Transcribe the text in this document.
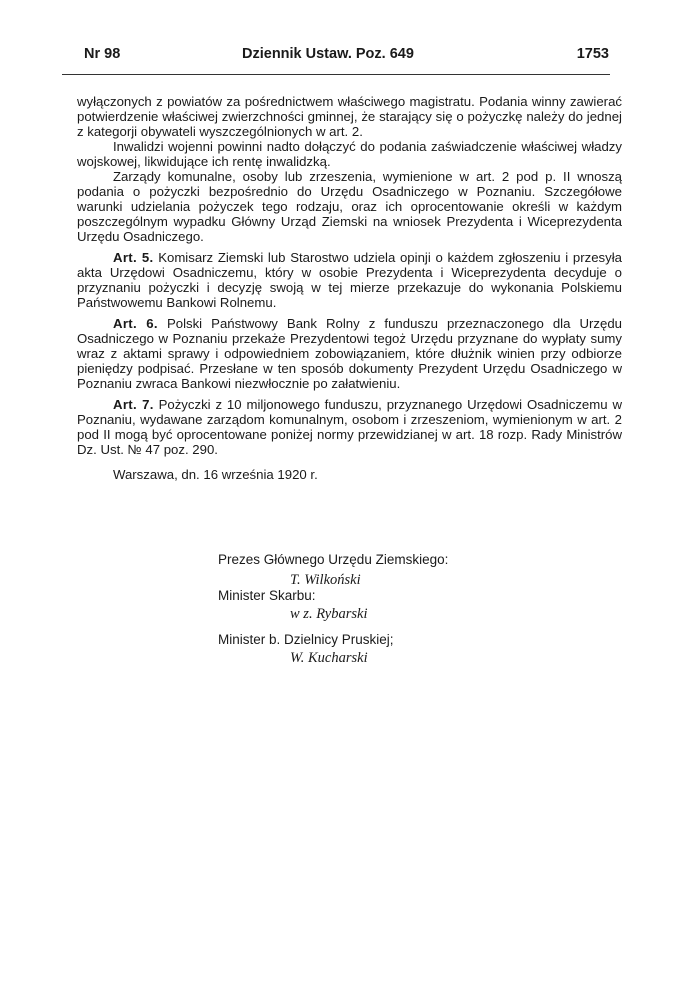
Nr 98	Dziennik Ustaw. Poz. 649	1753

wyłączonych z powiatów za pośrednictwem właściwego magistratu. Podania winny zawierać potwierdzenie właściwej zwierzchności gminnej, że starający się o pożyczkę należy do jednej z kategorji obywateli wyszczególnionych w art. 2.

Inwalidzi wojenni powinni nadto dołączyć do podania zaświadczenie właściwej władzy wojskowej, likwidujące ich rentę inwalidzką.

Zarządy komunalne, osoby lub zrzeszenia, wymienione w art. 2 pod p. II wnoszą podania o pożyczki bezpośrednio do Urzędu Osadniczego w Poznaniu. Szczegółowe warunki udzielania pożyczek tego rodzaju, oraz ich oprocentowanie określi w każdym poszczególnym wypadku Główny Urząd Ziemski na wniosek Prezydenta i Wiceprezydenta Urzędu Osadniczego.

Art. 5. Komisarz Ziemski lub Starostwo udziela opinji o każdem zgłoszeniu i przesyła akta Urzędowi Osadniczemu, który w osobie Prezydenta i Wiceprezydenta decyduje o przyznaniu pożyczki i decyzję swoją w tej mierze przekazuje do wykonania Polskiemu Państwowemu Bankowi Rolnemu.

Art. 6. Polski Państwowy Bank Rolny z funduszu przeznaczonego dla Urzędu Osadniczego w Poznaniu przekaże Prezydentowi tegoż Urzędu przyznane do wypłaty sumy wraz z aktami sprawy i odpowiedniem zobowiązaniem, które dłużnik winien przy odbiorze pieniędzy podpisać. Przesłane w ten sposób dokumenty Prezydent Urzędu Osadniczego w Poznaniu zwraca Bankowi niezwłocznie po załatwieniu.

Art. 7. Pożyczki z 10 miljonowego funduszu, przyznanego Urzędowi Osadniczemu w Poznaniu, wydawane zarządom komunalnym, osobom i zrzeszeniom, wymienionym w art. 2 pod II mogą być oprocentowane poniżej normy przewidzianej w art. 18 rozp. Rady Ministrów Dz. Ust. № 47 poz. 290.

Warszawa, dn. 16 września 1920 r.

Prezes Głównego Urzędu Ziemskiego:
T. Wilkoński
Minister Skarbu:
w z. Rybarski
Minister b. Dzielnicy Pruskiej;
W. Kucharski
